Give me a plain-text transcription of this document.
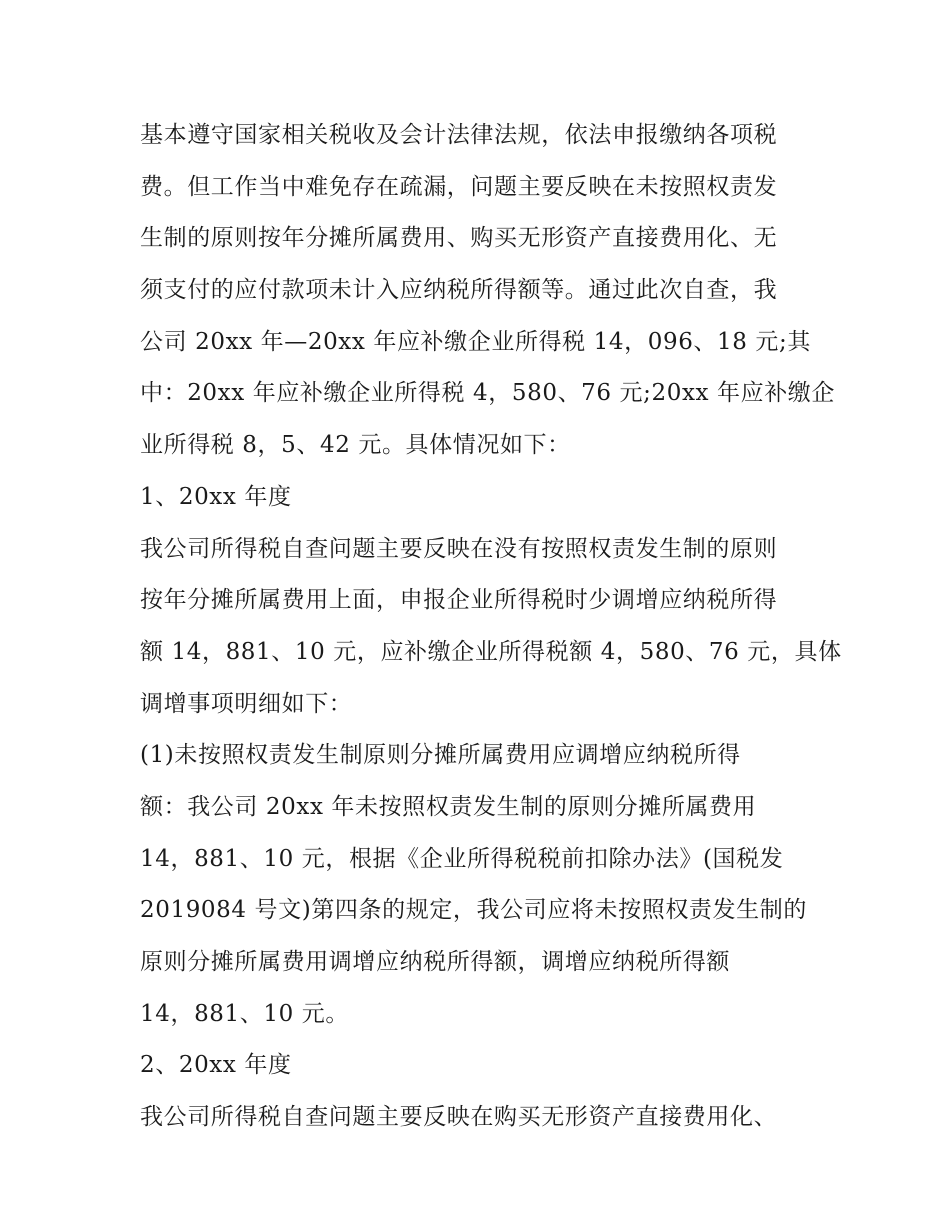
基本遵守国家相关税收及会计法律法规，依法申报缴纳各项税
费。但工作当中难免存在疏漏，问题主要反映在未按照权责发
生制的原则按年分摊所属费用、购买无形资产直接费用化、无
须支付的应付款项未计入应纳税所得额等。通过此次自查，我
公司 20xx 年—20xx 年应补缴企业所得税 14，096、18 元;其
中：20xx 年应补缴企业所得税 4，580、76 元;20xx 年应补缴企
业所得税 8，5、42 元。具体情况如下：
1、20xx 年度
我公司所得税自查问题主要反映在没有按照权责发生制的原则
按年分摊所属费用上面，申报企业所得税时少调增应纳税所得
额 14，881、10 元，应补缴企业所得税额 4，580、76 元，具体
调增事项明细如下：
(1)未按照权责发生制原则分摊所属费用应调增应纳税所得
额：我公司 20xx 年未按照权责发生制的原则分摊所属费用
14，881、10 元，根据《企业所得税税前扣除办法》(国税发
2019084 号文)第四条的规定，我公司应将未按照权责发生制的
原则分摊所属费用调增应纳税所得额，调增应纳税所得额
14，881、10 元。
2、20xx 年度
我公司所得税自查问题主要反映在购买无形资产直接费用化、
